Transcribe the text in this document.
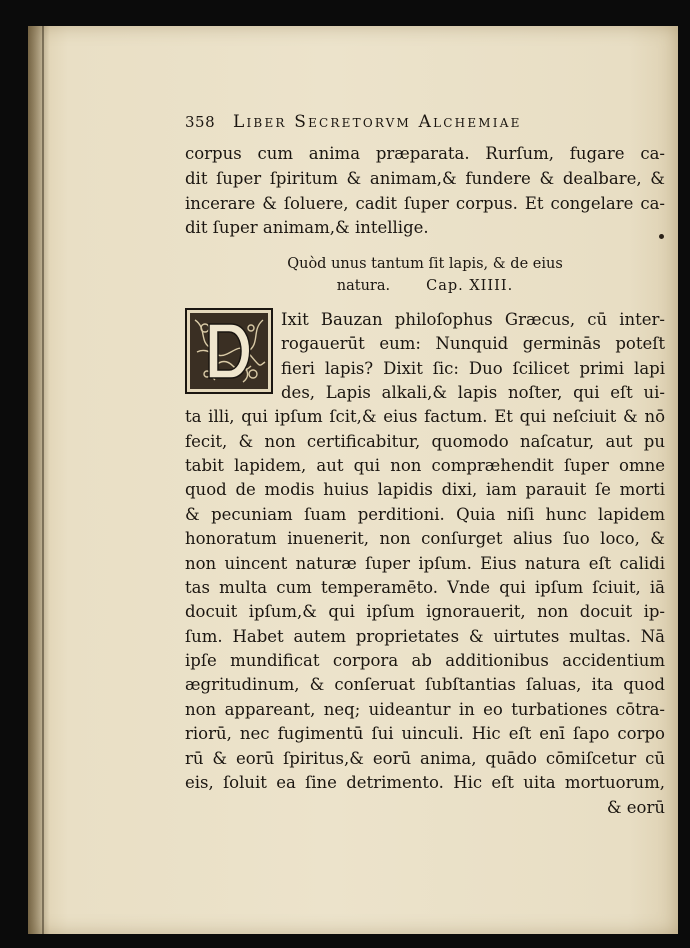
358 Liber Secretorvm Alchemiae
corpus cum anima præparata. Rurſum, fugare ca-
dit ſuper ſpiritum & animam,& fundere & dealbare, &
incerare & ſoluere, cadit ſuper corpus. Et congelare ca-
dit ſuper animam,& intellige.
Quòd unus tantum ſit lapis, & de eius
natura. Cap. XIIII.
Ixit Bauzan philoſophus Græcus, cū inter-
rogauerūt eum: Nunquid germinās poteſt
fieri lapis? Dixit ſic: Duo ſcilicet primi lapi
des, Lapis alkali,& lapis noſter, qui eſt ui-
ta illi, qui ipſum ſcit,& eius factum. Et qui neſciuit & nō
fecit, & non certificabitur, quomodo naſcatur, aut pu
tabit lapidem, aut qui non compræhendit ſuper omne
quod de modis huius lapidis dixi, iam parauit ſe morti
& pecuniam ſuam perditioni. Quia niſi hunc lapidem
honoratum inuenerit, non conſurget alius ſuo loco, &
non uincent naturæ ſuper ipſum. Eius natura eſt calidi
tas multa cum temperamēto. Vnde qui ipſum ſciuit, iā
docuit ipſum,& qui ipſum ignorauerit, non docuit ip-
ſum. Habet autem proprietates & uirtutes multas. Nā
ipſe mundificat corpora ab additionibus accidentium
ægritudinum, & conſeruat ſubſtantias ſaluas, ita quod
non appareant, neq; uideantur in eo turbationes cōtra-
riorū, nec fugimentū ſui uinculi. Hic eſt enī ſapo corpo
rū & eorū ſpiritus,& eorū anima, quādo cōmiſcetur cū
eis, ſoluit ea ſine detrimento. Hic eſt uita mortuorum,
& eorū
